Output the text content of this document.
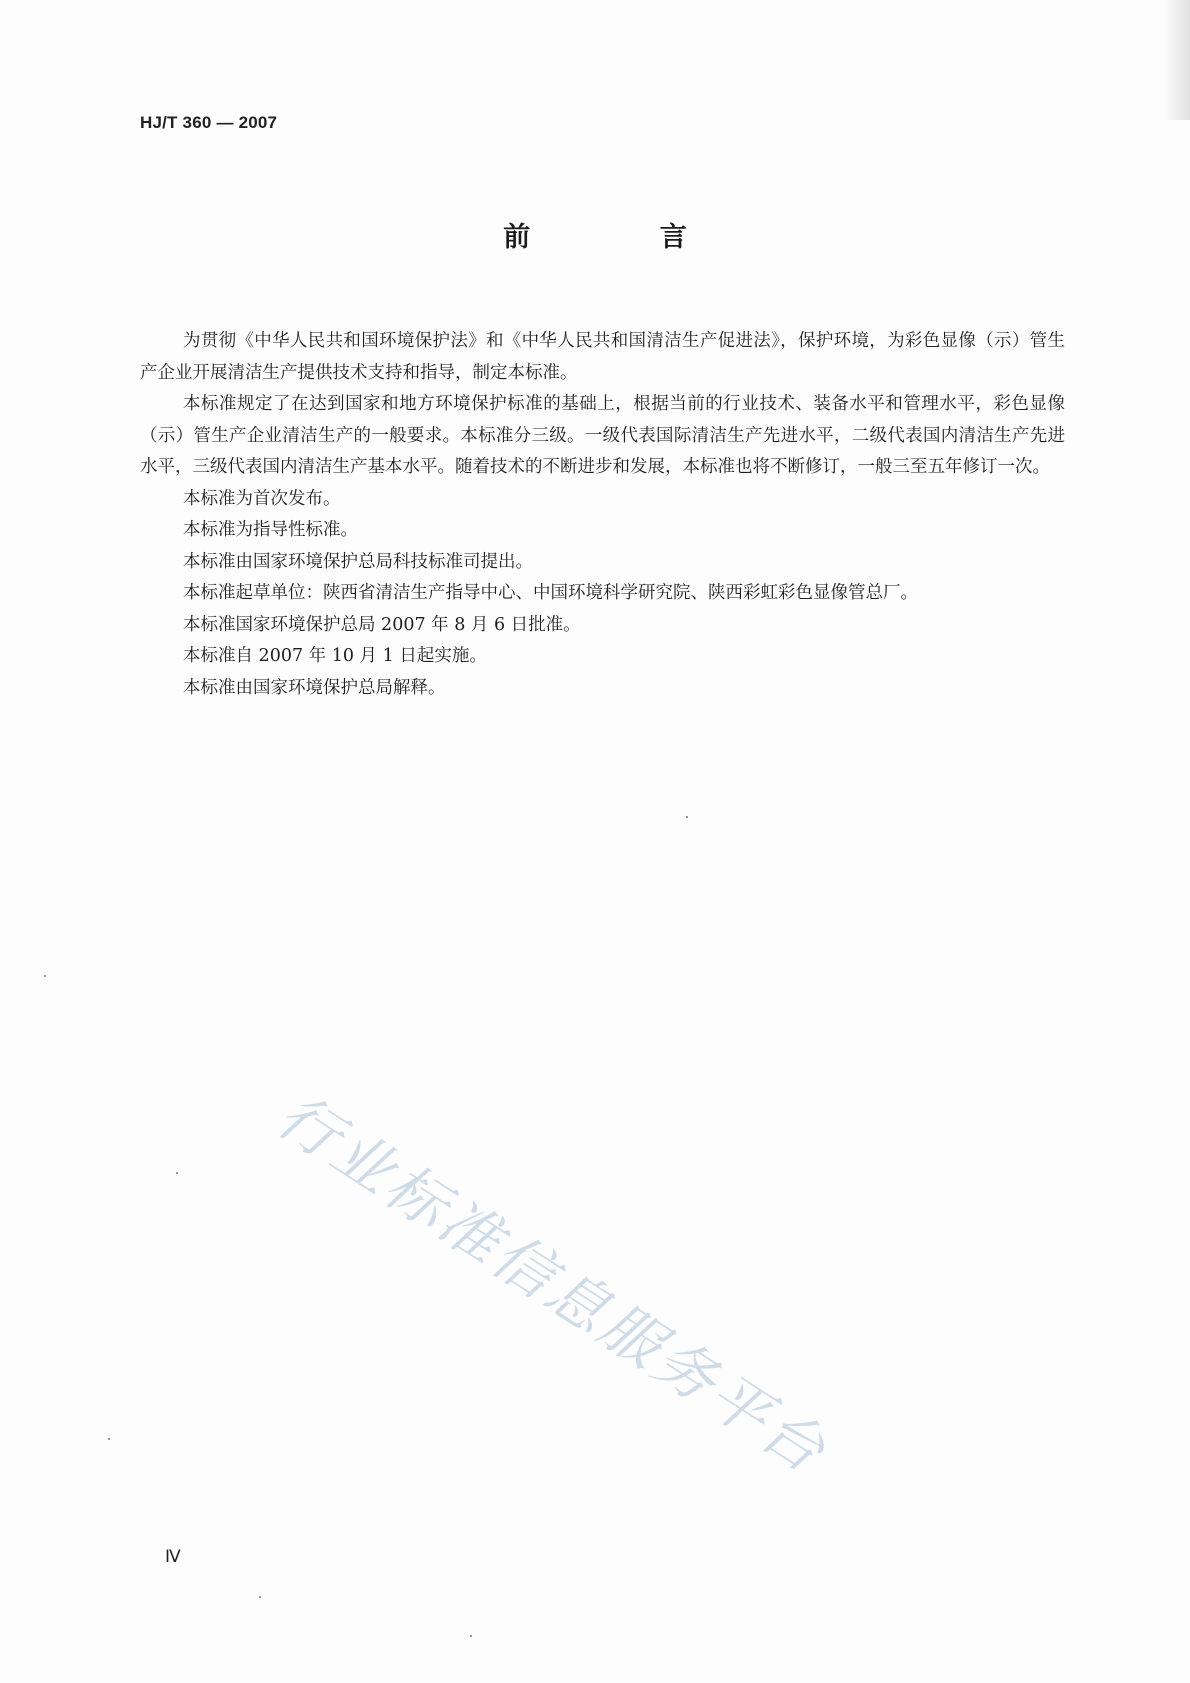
HJ/T 360 — 2007
前 言

为贯彻《中华人民共和国环境保护法》和《中华人民共和国清洁生产促进法》，保护环境，为彩色显像（示）管生产企业开展清洁生产提供技术支持和指导，制定本标准。

本标准规定了在达到国家和地方环境保护标准的基础上，根据当前的行业技术、装备水平和管理水平，彩色显像（示）管生产企业清洁生产的一般要求。本标准分三级。一级代表国际清洁生产先进水平，二级代表国内清洁生产先进水平，三级代表国内清洁生产基本水平。随着技术的不断进步和发展，本标准也将不断修订，一般三至五年修订一次。

本标准为首次发布。

本标准为指导性标准。

本标准由国家环境保护总局科技标准司提出。

本标准起草单位：陕西省清洁生产指导中心、中国环境科学研究院、陕西彩虹彩色显像管总厂。

本标准国家环境保护总局 2007 年 8 月 6 日批准。

本标准自 2007 年 10 月 1 日起实施。

本标准由国家环境保护总局解释。

行业标准信息服务平台
Ⅳ
